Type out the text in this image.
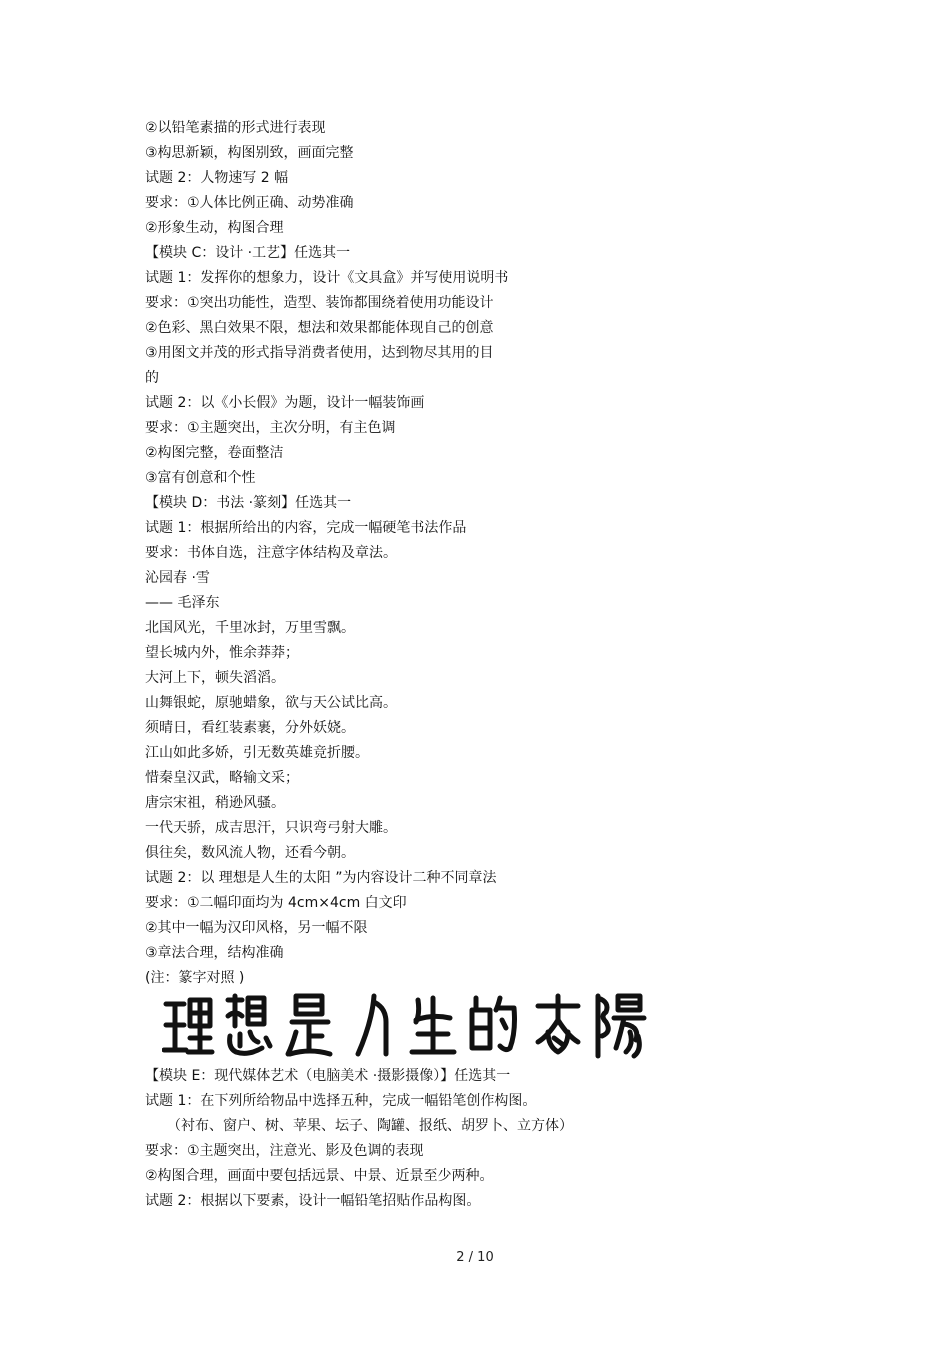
②以铅笔素描的形式进行表现
③构思新颖，构图别致，画面完整
试题 2：人物速写 2 幅
要求：①人体比例正确、动势准确
②形象生动，构图合理
【模块 C：设计 ·工艺】任选其一
试题 1：发挥你的想象力，设计《文具盒》并写使用说明书
要求：①突出功能性，造型、装饰都围绕着使用功能设计
②色彩、黑白效果不限，想法和效果都能体现自己的创意
③用图文并茂的形式指导消费者使用，达到物尽其用的目
的
试题 2：以《小长假》为题，设计一幅装饰画
要求：①主题突出，主次分明，有主色调
②构图完整，卷面整洁
③富有创意和个性
【模块 D：书法 ·篆刻】任选其一
试题 1：根据所给出的内容，完成一幅硬笔书法作品
要求：书体自选，注意字体结构及章法。
沁园春 ·雪
—— 毛泽东
北国风光，千里冰封，万里雪飘。
望长城内外，惟余莽莽；
大河上下，顿失滔滔。
山舞银蛇，原驰蜡象，欲与天公试比高。
须晴日，看红装素裹，分外妖娆。
江山如此多娇，引无数英雄竞折腰。
惜秦皇汉武，略输文采；
唐宗宋祖，稍逊风骚。
一代天骄，成吉思汗，只识弯弓射大雕。
俱往矣，数风流人物，还看今朝。
试题 2：以 理想是人生的太阳 ”为内容设计二种不同章法
要求：①二幅印面均为 4cm×4cm 白文印
②其中一幅为汉印风格，另一幅不限
③章法合理，结构准确
(注：篆字对照 )
【模块 E：现代媒体艺术（电脑美术 ·摄影摄像）】任选其一
试题 1：在下列所给物品中选择五种，完成一幅铅笔创作构图。
（衬布、窗户、树、苹果、坛子、陶罐、报纸、胡罗卜、立方体）
要求：①主题突出，注意光、影及色调的表现
②构图合理，画面中要包括远景、中景、近景至少两种。
试题 2：根据以下要素，设计一幅铅笔招贴作品构图。
2 / 10
